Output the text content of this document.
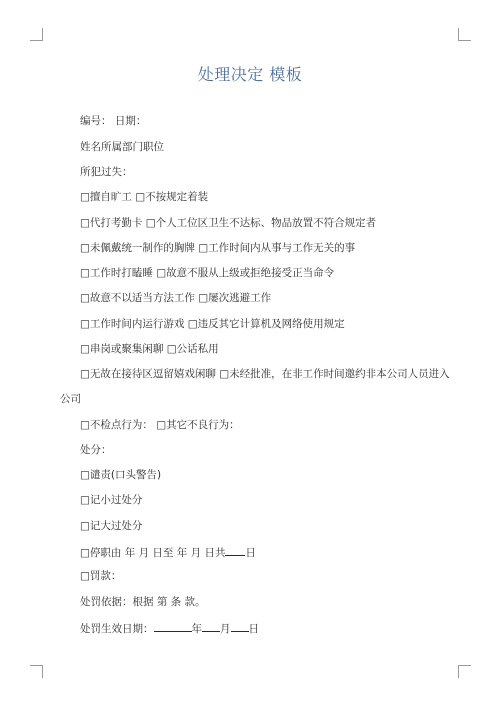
处理决定 模板
编号： 日期：
姓名所属部门职位
所犯过失：
□擅自旷工 □不按规定着装
□代打考勤卡 □个人工位区卫生不达标、物品放置不符合规定者
□未佩戴统一制作的胸牌 □工作时间内从事与工作无关的事
□工作时打瞌睡 □故意不服从上级或拒绝接受正当命令
□故意不以适当方法工作 □屡次逃避工作
□工作时间内运行游戏 □违反其它计算机及网络使用规定
□串岗或聚集闲聊 □公话私用
□无故在接待区逗留嬉戏闲聊 □未经批准，在非工作时间邀约非本公司人员进入
公司
□不检点行为： □其它不良行为：
处分：
□谴责(口头警告)
□记小过处分
□记大过处分
□停职由 年 月 日至 年 月 日共 日
□罚款：
处罚依据：根据 第 条 款。
处罚生效日期：	年 月 日
